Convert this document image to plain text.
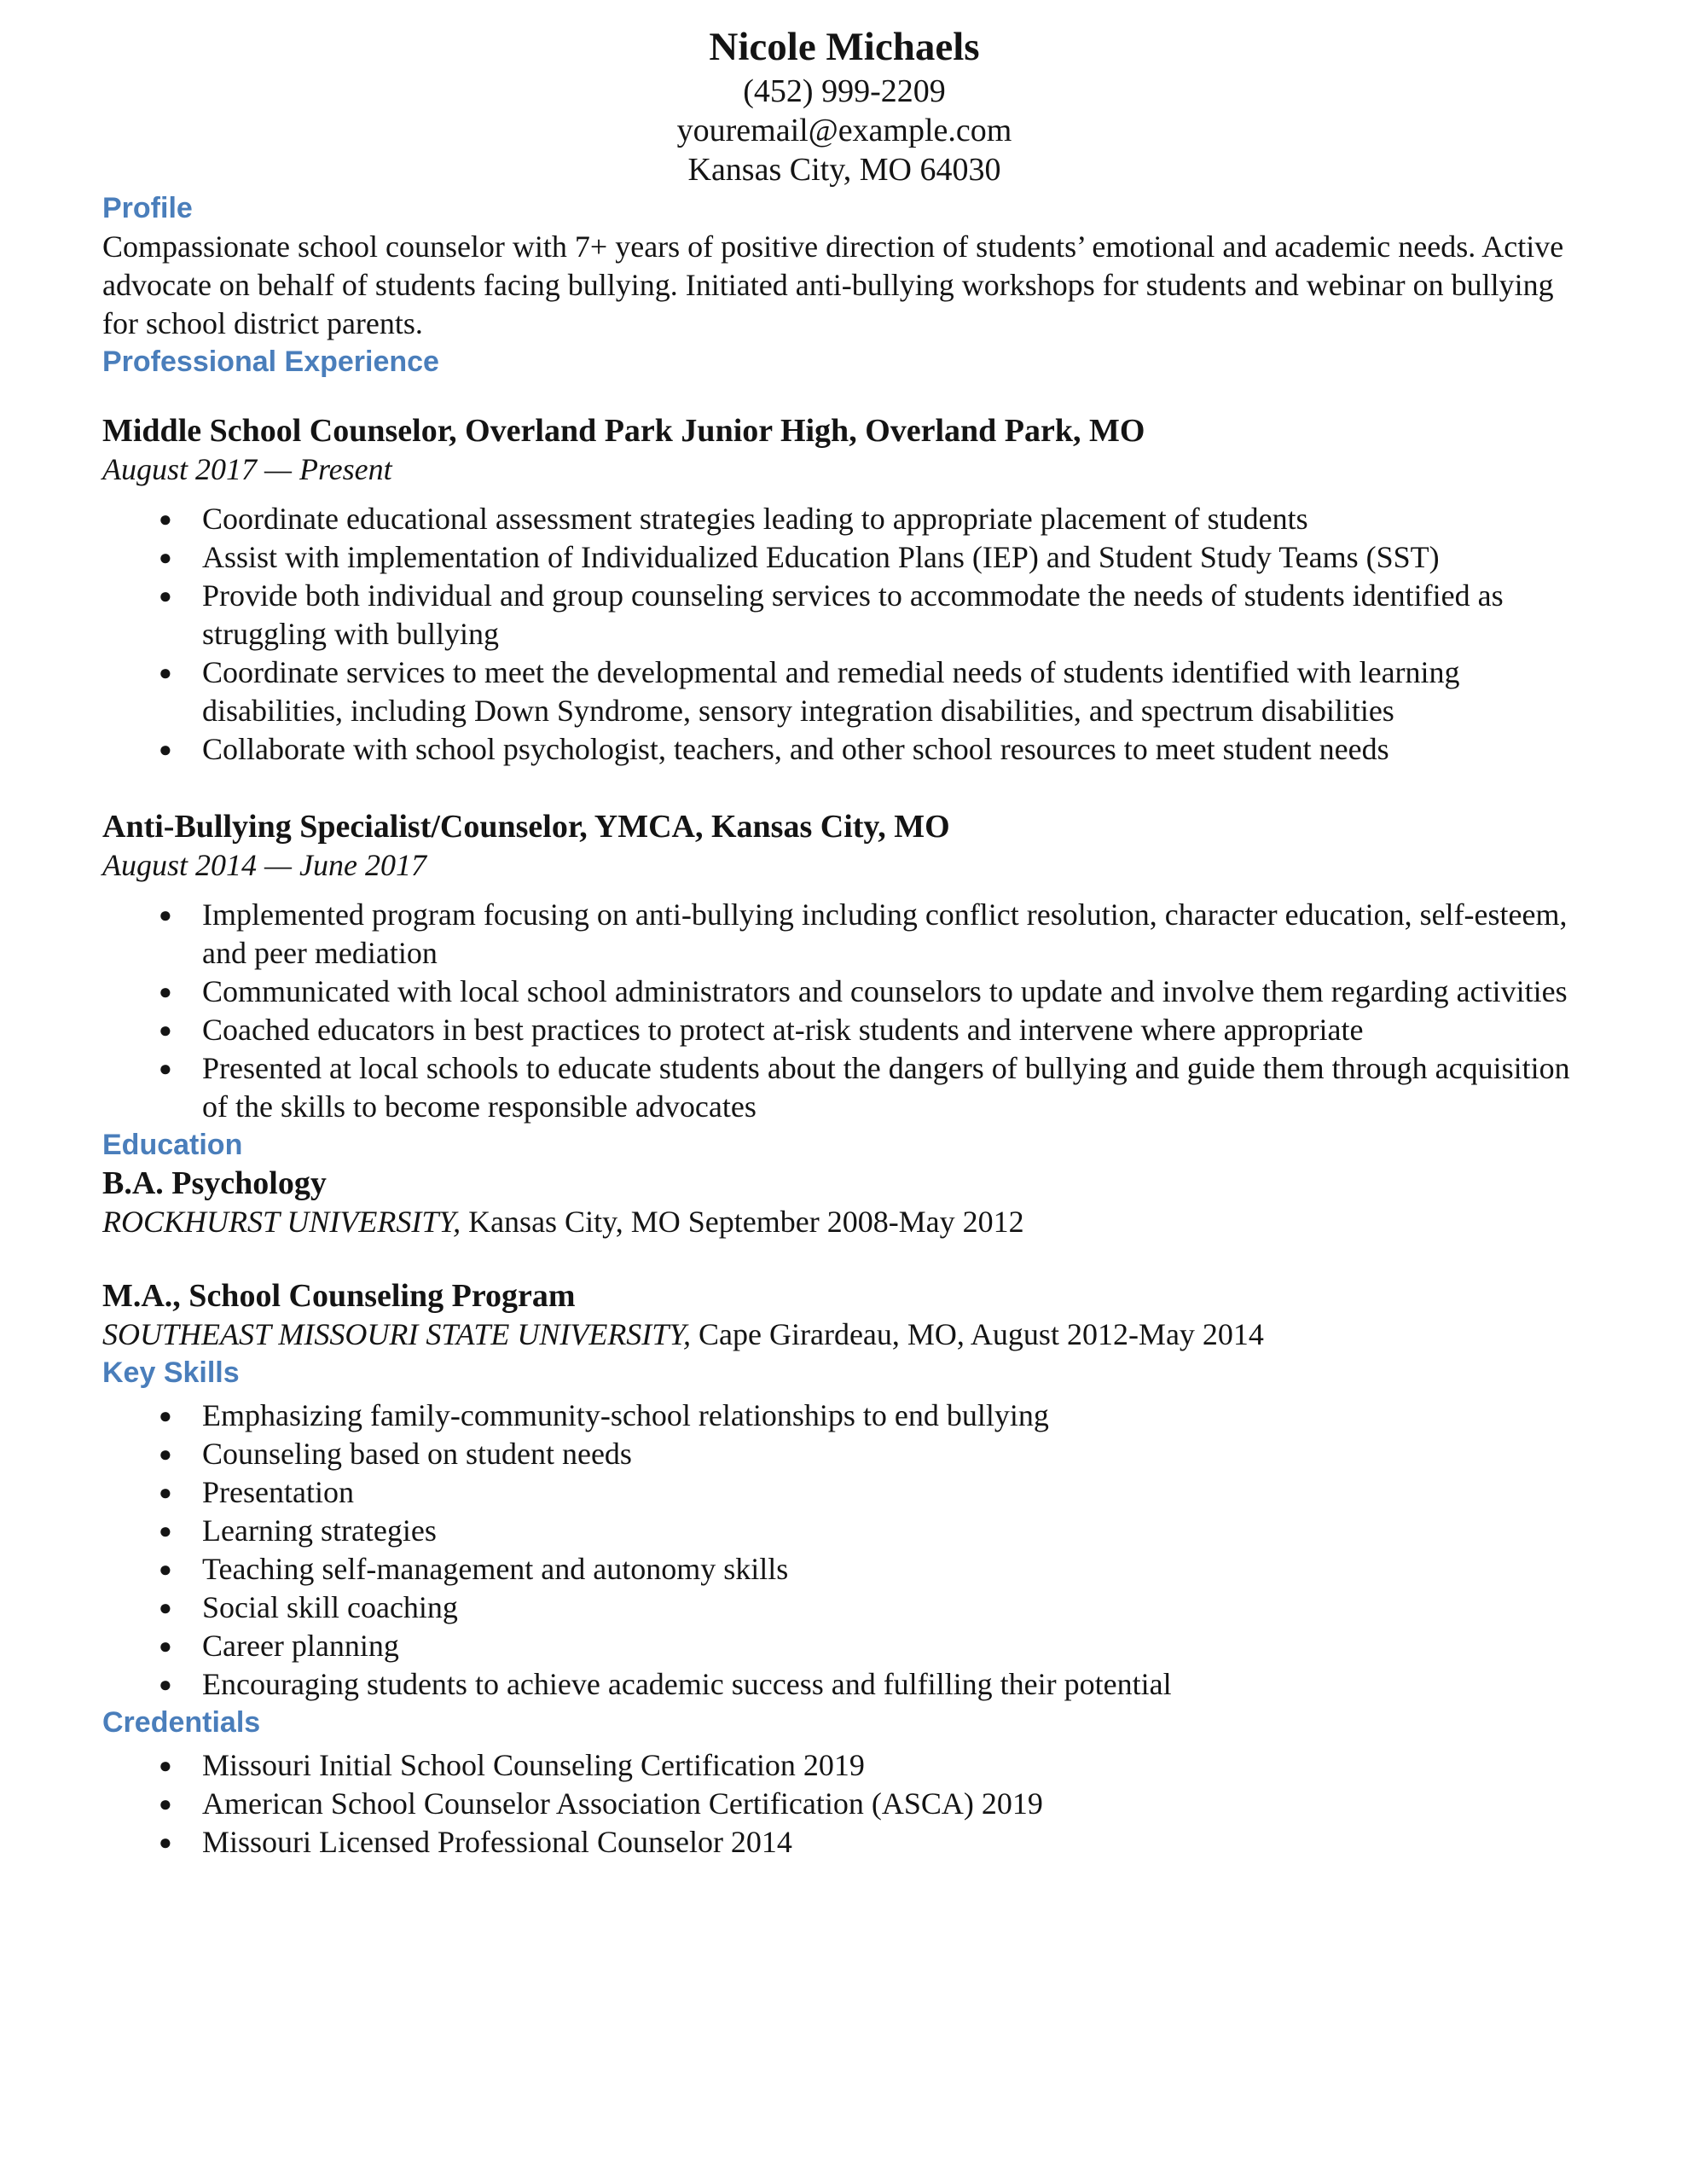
Nicole Michaels
(452) 999-2209
youremail@example.com
Kansas City, MO 64030
Profile

Compassionate school counselor with 7+ years of positive direction of students’ emotional and academic needs. Active advocate on behalf of students facing bullying. Initiated anti-bullying workshops for students and webinar on bullying for school district parents.

Professional Experience

Middle School Counselor, Overland Park Junior High, Overland Park, MO

August 2017 — Present

● Coordinate educational assessment strategies leading to appropriate placement of students
● Assist with implementation of Individualized Education Plans (IEP) and Student Study Teams (SST)
● Provide both individual and group counseling services to accommodate the needs of students identified as struggling with bullying
● Coordinate services to meet the developmental and remedial needs of students identified with learning disabilities, including Down Syndrome, sensory integration disabilities, and spectrum disabilities
● Collaborate with school psychologist, teachers, and other school resources to meet student needs

Anti-Bullying Specialist/Counselor, YMCA, Kansas City, MO

August 2014 — June 2017

● Implemented program focusing on anti-bullying including conflict resolution, character education, self-esteem, and peer mediation
● Communicated with local school administrators and counselors to update and involve them regarding activities
● Coached educators in best practices to protect at-risk students and intervene where appropriate
● Presented at local schools to educate students about the dangers of bullying and guide them through acquisition of the skills to become responsible advocates
Education

B.A. Psychology

ROCKHURST UNIVERSITY, Kansas City, MO September 2008-May 2012

M.A., School Counseling Program

SOUTHEAST MISSOURI STATE UNIVERSITY, Cape Girardeau, MO, August 2012-May 2014

Key Skills
● Emphasizing family-community-school relationships to end bullying
● Counseling based on student needs
● Presentation
● Learning strategies
● Teaching self-management and autonomy skills
● Social skill coaching
● Career planning
● Encouraging students to achieve academic success and fulfilling their potential
Credentials
● Missouri Initial School Counseling Certification 2019
● American School Counselor Association Certification (ASCA) 2019
● Missouri Licensed Professional Counselor 2014
